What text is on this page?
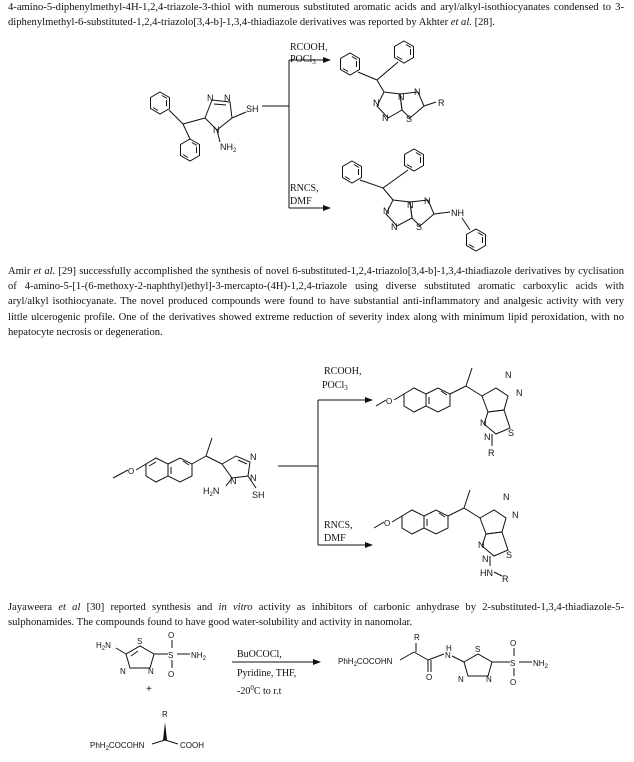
4-amino-5-diphenylmethyl-4H-1,2,4-triazole-3-thiol with numerous substituted aromatic acids and aryl/alkyl-isothiocyanates condensed to 3-diphenylmethyl-6-substituted-1,2,4-triazolo[3,4-b]-1,3,4-thiadiazole derivatives was reported by Akhter et al. [28].
Amir et al. [29] successfully accomplished the synthesis of novel 6-substituted-1,2,4-triazolo[3,4-b]-1,3,4-thiadiazole derivatives by cyclisation of 4-amino-5-[1-(6-methoxy-2-naphthyl)ethyl]-3-mercapto-(4H)-1,2,4-triazole using diverse substituted aromatic carboxylic acids with aryl/alkyl isothiocyanate. The novel produced compounds were found to have substantial anti-inflammatory and analgesic activity with very little ulcerogenic profile. One of the derivatives showed extreme reduction of severity index along with minimum lipid peroxidation, with no hepatocyte necrosis or degeneration.
Jayaweera et al [30] reported synthesis and in vitro activity as inhibitors of carbonic anhydrase by 2-substituted-1,3,4-thiadiazole-5-sulphonamides. The compounds found to have good water-solubility and activity in nanomolar.
N N
N
SH
$NH_2$
RCOOH,
POCl$_3$
RNCS,
DMF
N
N
N N
S
R
N
N
N N
S
NH
O
N
N
N
$H_2N$	SH
RCOOH,
POCl$_3$
RNCS,
DMF
O
N
N
N
N S
R
O
N
N
N
N S
HN
R
$H_2N$	S
N	N
S
O
O
$NH_2$
+
R
PhH$_2$COCOHN	COOH
BuOCOCl,
Pyridine, THF,
$-20^0C$ to r.t
PhH$_2$COCOHN
R
O
H
N
S
N	N
S
O
O
$NH_2$
